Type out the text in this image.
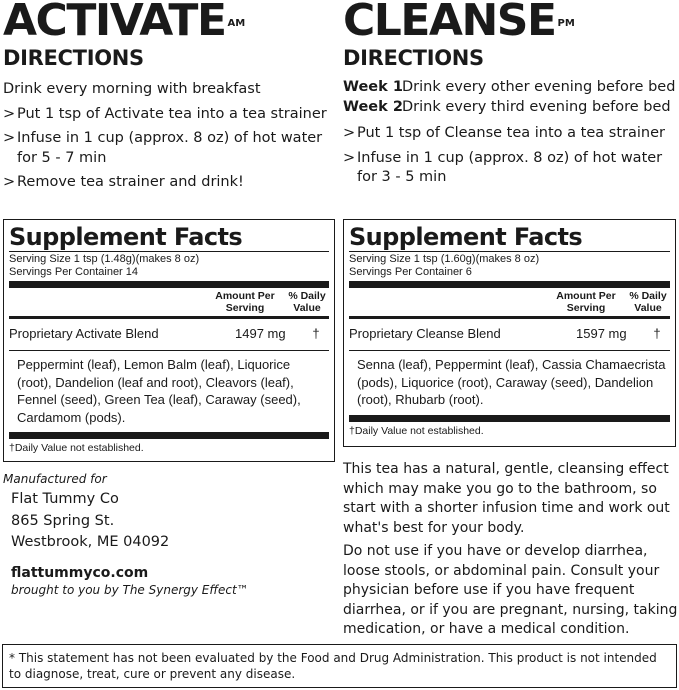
ACTIVATE $^{AM}$
DIRECTIONS
Drink every morning with breakfast
> Put 1 tsp of Activate tea into a tea strainer
> Infuse in 1 cup (approx. 8 oz) of hot water for 5 - 7 min
> Remove tea strainer and drink!
CLEANSE $^{PM}$
DIRECTIONS
Week 1 Drink every other evening before bed
Week 2 Drink every third evening before bed
> Put 1 tsp of Cleanse tea into a tea strainer
> Infuse in 1 cup (approx. 8 oz) of hot water for 3 - 5 min
Supplement Facts
Serving Size 1 tsp (1.48g)(makes 8 oz)
Servings Per Container 14
Amount Per Serving
% Daily Value
Proprietary Activate Blend	1497 mg	†
Peppermint (leaf), Lemon Balm (leaf), Liquorice (root), Dandelion (leaf and root), Cleavors (leaf), Fennel (seed), Green Tea (leaf), Caraway (seed), Cardamom (pods).
†Daily Value not established.
Supplement Facts
Serving Size 1 tsp (1.60g)(makes 8 oz)
Servings Per Container 6
Amount Per Serving
% Daily Value
Proprietary Cleanse Blend	1597 mg	†
Senna (leaf), Peppermint (leaf), Cassia Chamaecrista (pods), Liquorice (root), Caraway (seed), Dandelion (root), Rhubarb (root).
†Daily Value not established.
Manufactured for
Flat Tummy Co
865 Spring St.
Westbrook, ME 04092
flattummyco.com
brought to you by The Synergy Effect™

This tea has a natural, gentle, cleansing effect which may make you go to the bathroom, so start with a shorter infusion time and work out what's best for your body.

Do not use if you have or develop diarrhea, loose stools, or abdominal pain. Consult your physician before use if you have frequent diarrhea, or if you are pregnant, nursing, taking medication, or have a medical condition.

* This statement has not been evaluated by the Food and Drug Administration. This product is not intended to diagnose, treat, cure or prevent any disease.
